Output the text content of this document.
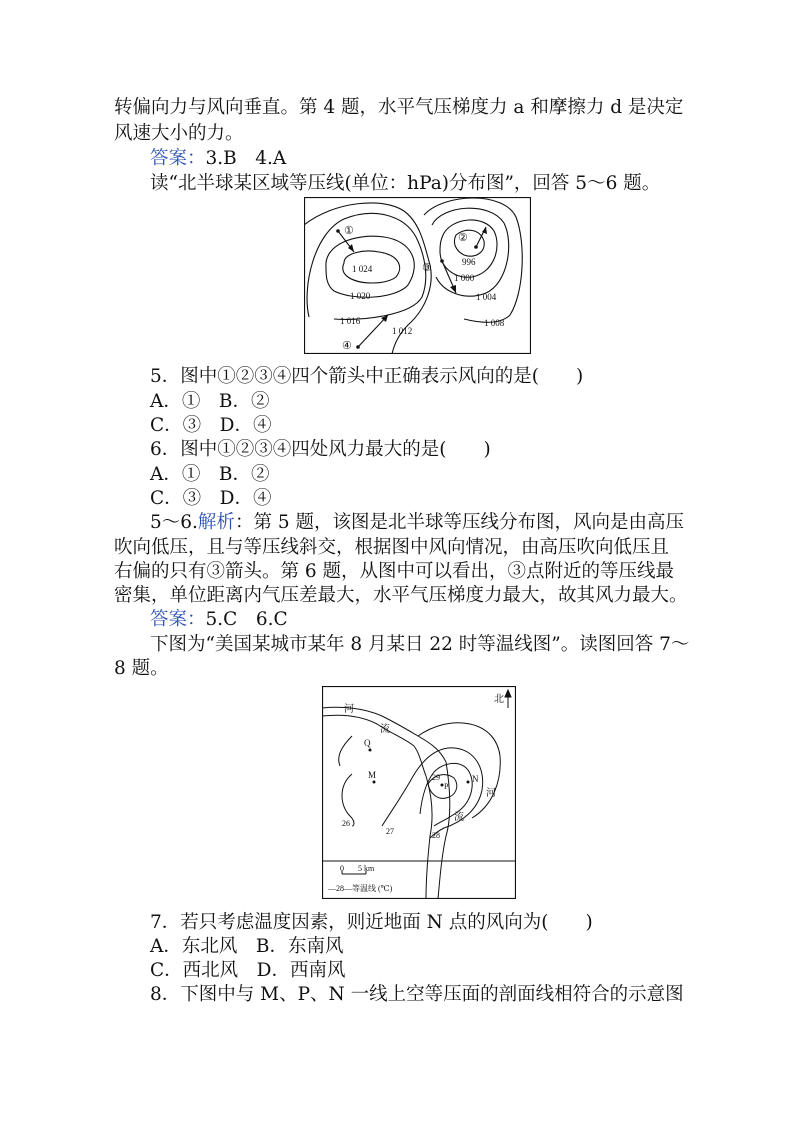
转偏向力与风向垂直。第 4 题，水平气压梯度力 a 和摩擦力 d 是决定
风速大小的力。
答案：3.B　4.A
读“北半球某区域等压线(单位：hPa)分布图”，回答 5～6 题。
①
②
③
④
1 024
1 020
1 016
1 012
996
1 000
1 004
1 008
5．图中①②③④四个箭头中正确表示风向的是(　　)
A．①　B．②
C．③　D．④
6．图中①②③④四处风力最大的是(　　)
A．①　B．②
C．③　D．④
5～6.解析：第 5 题，该图是北半球等压线分布图，风向是由高压
吹向低压，且与等压线斜交，根据图中风向情况，由高压吹向低压且
右偏的只有③箭头。第 6 题，从图中可以看出，③点附近的等压线最
密集，单位距离内气压差最大，水平气压梯度力最大，故其风力最大。
答案：5.C　6.C
下图为“美国某城市某年 8 月某日 22 时等温线图”。读图回答 7～
8 题。
北
河
流
河
流
Q
M	N
P
29
26
27	28
0 5 km
—28—等温线 (℃)
7．若只考虑温度因素，则近地面 N 点的风向为(　　)
A．东北风　B．东南风
C．西北风　D．西南风
8．下图中与 M、P、N 一线上空等压面的剖面线相符合的示意图
